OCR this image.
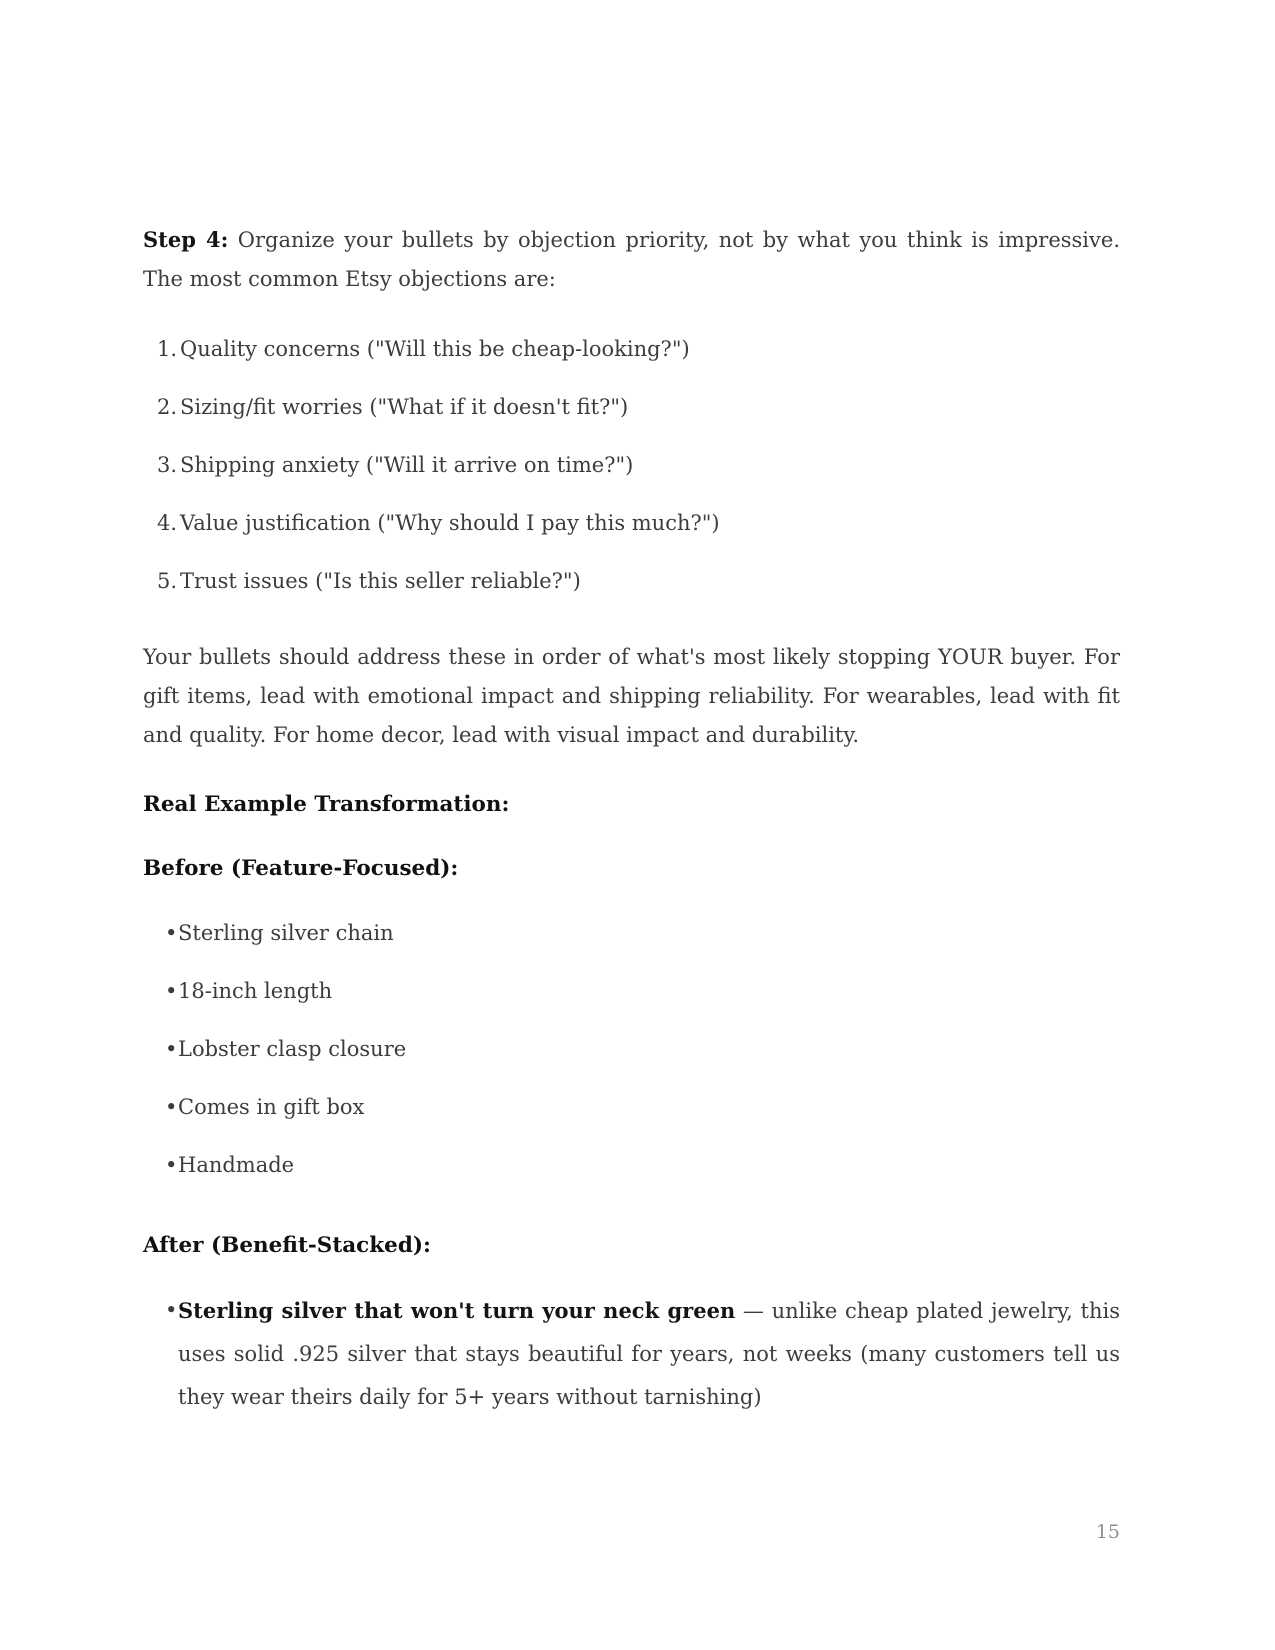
Step 4: Organize your bullets by objection priority, not by what you think is impressive. The most common Etsy objections are:

1. Quality concerns ("Will this be cheap-looking?")
2. Sizing/fit worries ("What if it doesn't fit?")
3. Shipping anxiety ("Will it arrive on time?")
4. Value justification ("Why should I pay this much?")
5. Trust issues ("Is this seller reliable?")

Your bullets should address these in order of what's most likely stopping YOUR buyer. For gift items, lead with emotional impact and shipping reliability. For wearables, lead with fit and quality. For home decor, lead with visual impact and durability.

Real Example Transformation:
Before (Feature-Focused):
• Sterling silver chain
• 18-inch length
• Lobster clasp closure
• Comes in gift box
• Handmade
After (Benefit-Stacked):
• Sterling silver that won't turn your neck green — unlike cheap plated jewelry, this uses solid .925 silver that stays beautiful for years, not weeks (many customers tell us they wear theirs daily for 5+ years without tarnishing)
15
